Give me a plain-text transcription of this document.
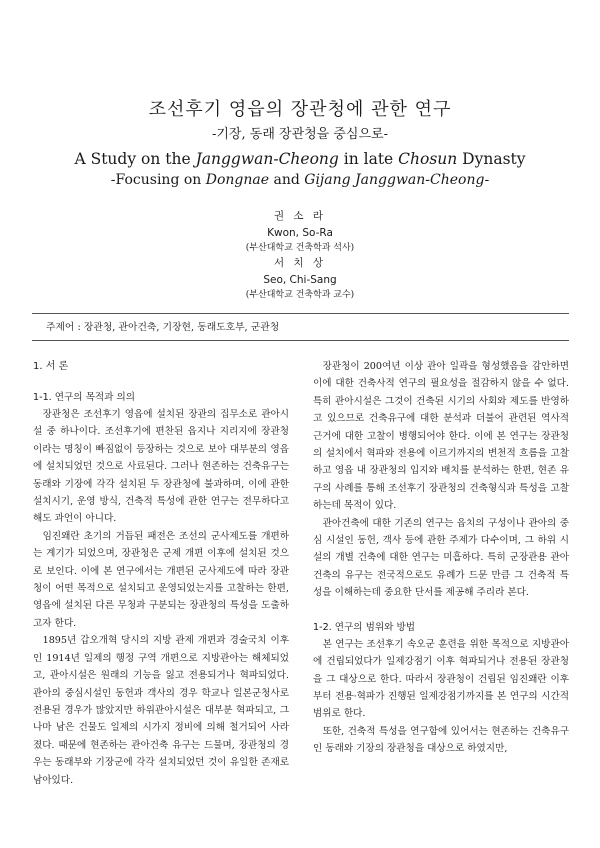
조선후기 영읍의 장관청에 관한 연구
-기장, 동래 장관청을 중심으로-
A Study on the Janggwan-Cheong in late Chosun Dynasty
-Focusing on Dongnae and Gijang Janggwan-Cheong-
권 소 라
Kwon, So-Ra
(부산대학교 건축학과 석사)
서 치 상
Seo, Chi-Sang
(부산대학교 건축학과 교수)
주제어 : 장관청, 관아건축, 기장현, 동래도호부, 군관청
1. 서 론
1-1. 연구의 목적과 의의

장관청은 조선후기 영읍에 설치된 장관의 집무소로 관아시설 중 하나이다. 조선후기에 편찬된 읍지나 지리지에 장관청이라는 명칭이 빠짐없이 등장하는 것으로 보아 대부분의 영읍에 설치되었던 것으로 사료된다. 그러나 현존하는 건축유구는 동래와 기장에 각각 설치된 두 장관청에 불과하며, 이에 관한 설치시기, 운영 방식, 건축적 특성에 관한 연구는 전무하다고 해도 과언이 아니다.

임진왜란 초기의 거듭된 패전은 조선의 군사제도를 개편하는 계기가 되었으며, 장관청은 군제 개편 이후에 설치된 것으로 보인다. 이에 본 연구에서는 개편된 군사제도에 따라 장관청이 어떤 목적으로 설치되고 운영되었는지를 고찰하는 한편, 영읍에 설치된 다른 무청과 구분되는 장관청의 특성을 도출하고자 한다.

1895년 갑오개혁 당시의 지방 관제 개편과 경술국치 이후인 1914년 일제의 행정 구역 개편으로 지방관아는 해체되었고, 관아시설은 원래의 기능을 잃고 전용되거나 혁파되었다. 관아의 중심시설인 동헌과 객사의 경우 학교나 일본군청사로 전용된 경우가 많았지만 하위관아시설은 대부분 혁파되고, 그나마 남은 건물도 일제의 시가지 정비에 의해 철거되어 사라졌다. 때문에 현존하는 관아건축 유구는 드물며, 장관청의 경우는 동래부와 기장군에 각각 설치되었던 것이 유일한 존재로 남아있다.

장관청이 200여년 이상 관아 일곽을 형성했음을 감안하면 이에 대한 건축사적 연구의 필요성을 절감하지 않을 수 없다. 특히 관아시설은 그것이 건축된 시기의 사회와 제도를 반영하고 있으므로 건축유구에 대한 분석과 더불어 관련된 역사적 근거에 대한 고찰이 병행되어야 한다. 이에 본 연구는 장관청의 설치에서 혁파와 전용에 이르기까지의 변천적 흐름을 고찰하고 영읍 내 장관청의 입지와 배치를 분석하는 한편, 현존 유구의 사례를 통해 조선후기 장관청의 건축형식과 특성을 고찰하는데 목적이 있다.

관아건축에 대한 기존의 연구는 읍치의 구성이나 관아의 중심 시설인 동헌, 객사 등에 관한 주제가 다수이며, 그 하위 시설의 개별 건축에 대한 연구는 미흡하다. 특히 군장관용 관아건축의 유구는 전국적으로도 유례가 드문 만큼 그 건축적 특성을 이해하는데 중요한 단서를 제공해 주리라 본다.

1-2. 연구의 범위와 방법

본 연구는 조선후기 속오군 훈련을 위한 목적으로 지방관아에 건립되었다가 일제강점기 이후 혁파되거나 전용된 장관청을 그 대상으로 한다. 따라서 장관청이 건립된 임진왜란 이후부터 전용·혁파가 진행된 일제강점기까지를 본 연구의 시간적 범위로 한다.

또한, 건축적 특성을 연구함에 있어서는 현존하는 건축유구인 동래와 기장의 장관청을 대상으로 하였지만,
